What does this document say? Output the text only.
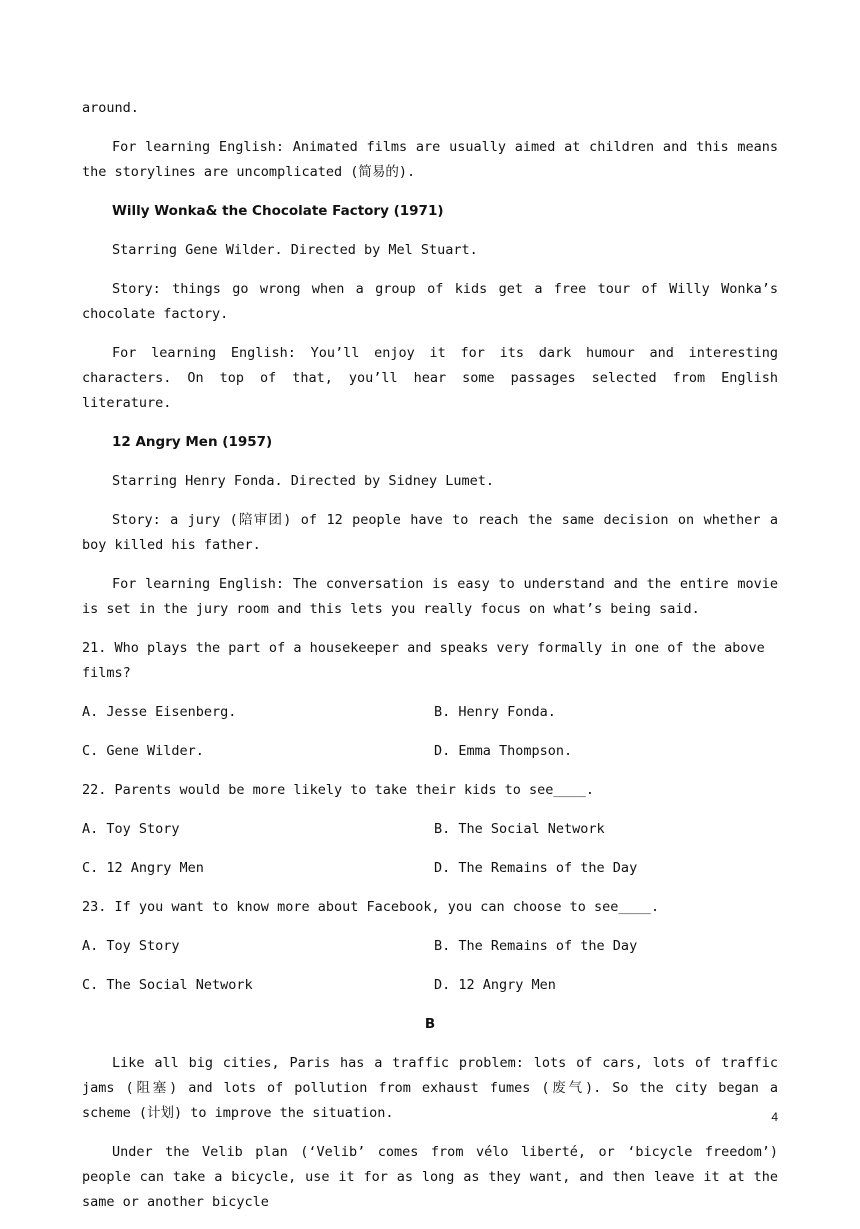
around.

For learning English: Animated films are usually aimed at children and this means the storylines are uncomplicated (简易的).

Willy Wonka& the Chocolate Factory (1971)

Starring Gene Wilder. Directed by Mel Stuart.

Story: things go wrong when a group of kids get a free tour of Willy Wonka’s chocolate factory.

For learning English: You’ll enjoy it for its dark humour and interesting characters. On top of that, you’ll hear some passages selected from English literature.

12 Angry Men (1957)

Starring Henry Fonda. Directed by Sidney Lumet.

Story: a jury (陪审团) of 12 people have to reach the same decision on whether a boy killed his father.

For learning English: The conversation is easy to understand and the entire movie is set in the jury room and this lets you really focus on what’s being said.

21. Who plays the part of a housekeeper and speaks very formally in one of the above films?

A. Jesse Eisenberg.	B. Henry Fonda.
C. Gene Wilder.	D. Emma Thompson.

22. Parents would be more likely to take their kids to see____.

A. Toy Story	B. The Social Network
C. 12 Angry Men	D. The Remains of the Day

23. If you want to know more about Facebook, you can choose to see____.

A. Toy Story	B. The Remains of the Day
C. The Social Network	D. 12 Angry Men

B

Like all big cities, Paris has a traffic problem: lots of cars, lots of traffic jams (阻塞) and lots of pollution from exhaust fumes (废气). So the city began a scheme (计划) to improve the situation.

Under the Velib plan (‘Velib’ comes from vélo liberté, or ‘bicycle freedom’) people can take a bicycle, use it for as long as they want, and then leave it at the same or another bicycle

4
